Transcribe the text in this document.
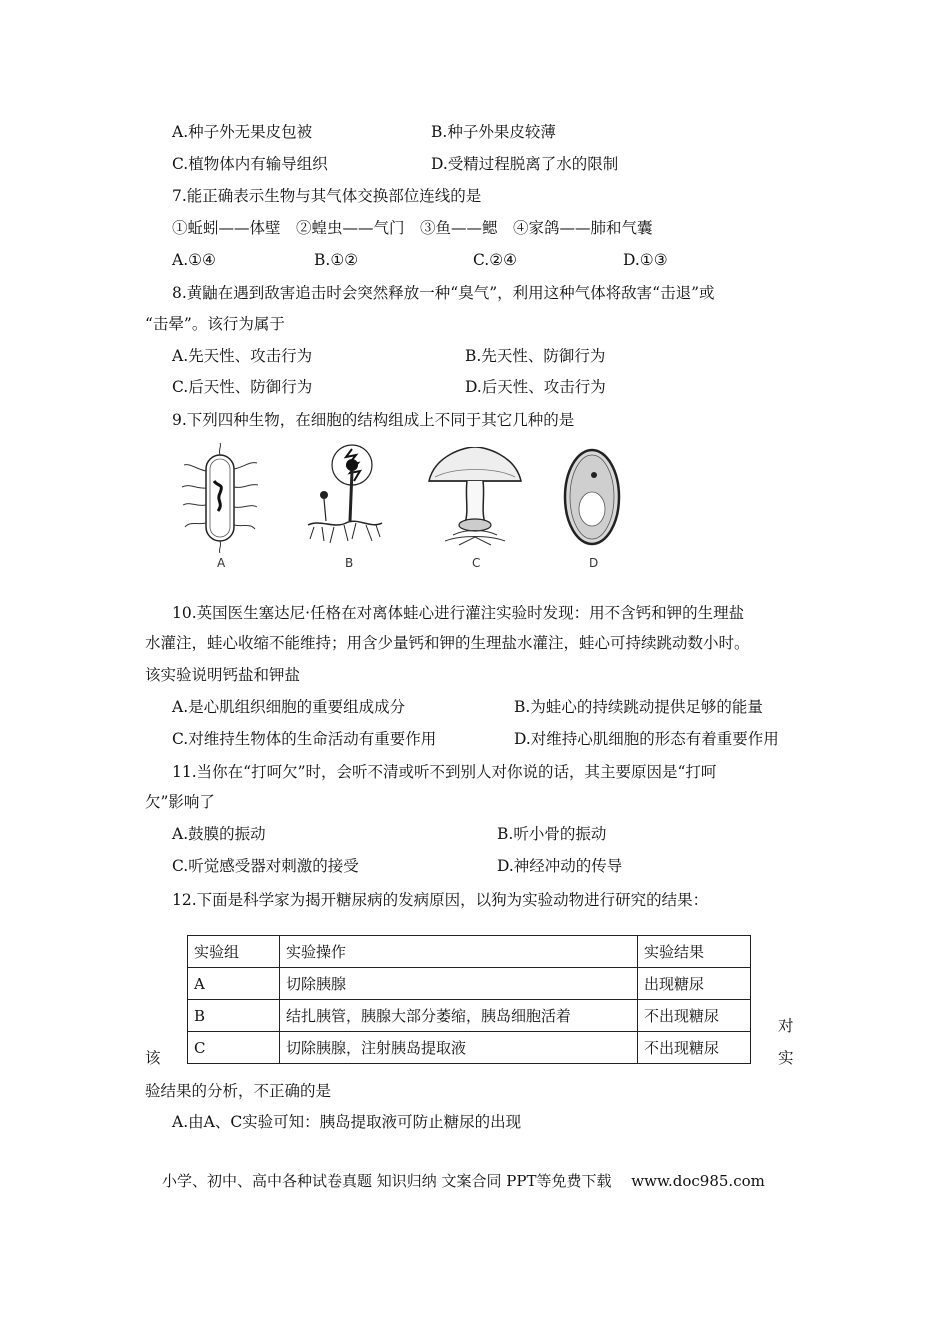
A.种子外无果皮包被	B.种子外果皮较薄
C.植物体内有输导组织	D.受精过程脱离了水的限制
7.能正确表示生物与其气体交换部位连线的是
①蚯蚓——体壁　②蝗虫——气门　③鱼——鳃　④家鸽——肺和气囊
A.①④	B.①②	C.②④	D.①③
8.黄鼬在遇到敌害追击时会突然释放一种“臭气”，利用这种气体将敌害“击退”或
“击晕”。该行为属于
A.先天性、攻击行为	B.先天性、防御行为
C.后天性、防御行为	D.后天性、攻击行为
9.下列四种生物，在细胞的结构组成上不同于其它几种的是
A	B	C	D
10.英国医生塞达尼·任格在对离体蛙心进行灌注实验时发现：用不含钙和钾的生理盐
水灌注，蛙心收缩不能维持；用含少量钙和钾的生理盐水灌注，蛙心可持续跳动数小时。
该实验说明钙盐和钾盐
A.是心肌组织细胞的重要组成成分	B.为蛙心的持续跳动提供足够的能量
C.对维持生物体的生命活动有重要作用	D.对维持心肌细胞的形态有着重要作用
11.当你在“打呵欠”时，会听不清或听不到别人对你说的话，其主要原因是“打呵
欠”影响了
A.鼓膜的振动	B.听小骨的振动
C.听觉感受器对刺激的接受	D.神经冲动的传导
12.下面是科学家为揭开糖尿病的发病原因，以狗为实验动物进行研究的结果：
实验组	实验操作	实验结果
A	切除胰腺	出现糖尿
B	结扎胰管，胰腺大部分萎缩，胰岛细胞活着	不出现糖尿
C	切除胰腺，注射胰岛提取液	不出现糖尿
对
该	实
验结果的分析，不正确的是
A.由A、C实验可知：胰岛提取液可防止糖尿的出现
小学、初中、高中各种试卷真题 知识归纳 文案合同 PPT等免费下载　 www.doc985.com
